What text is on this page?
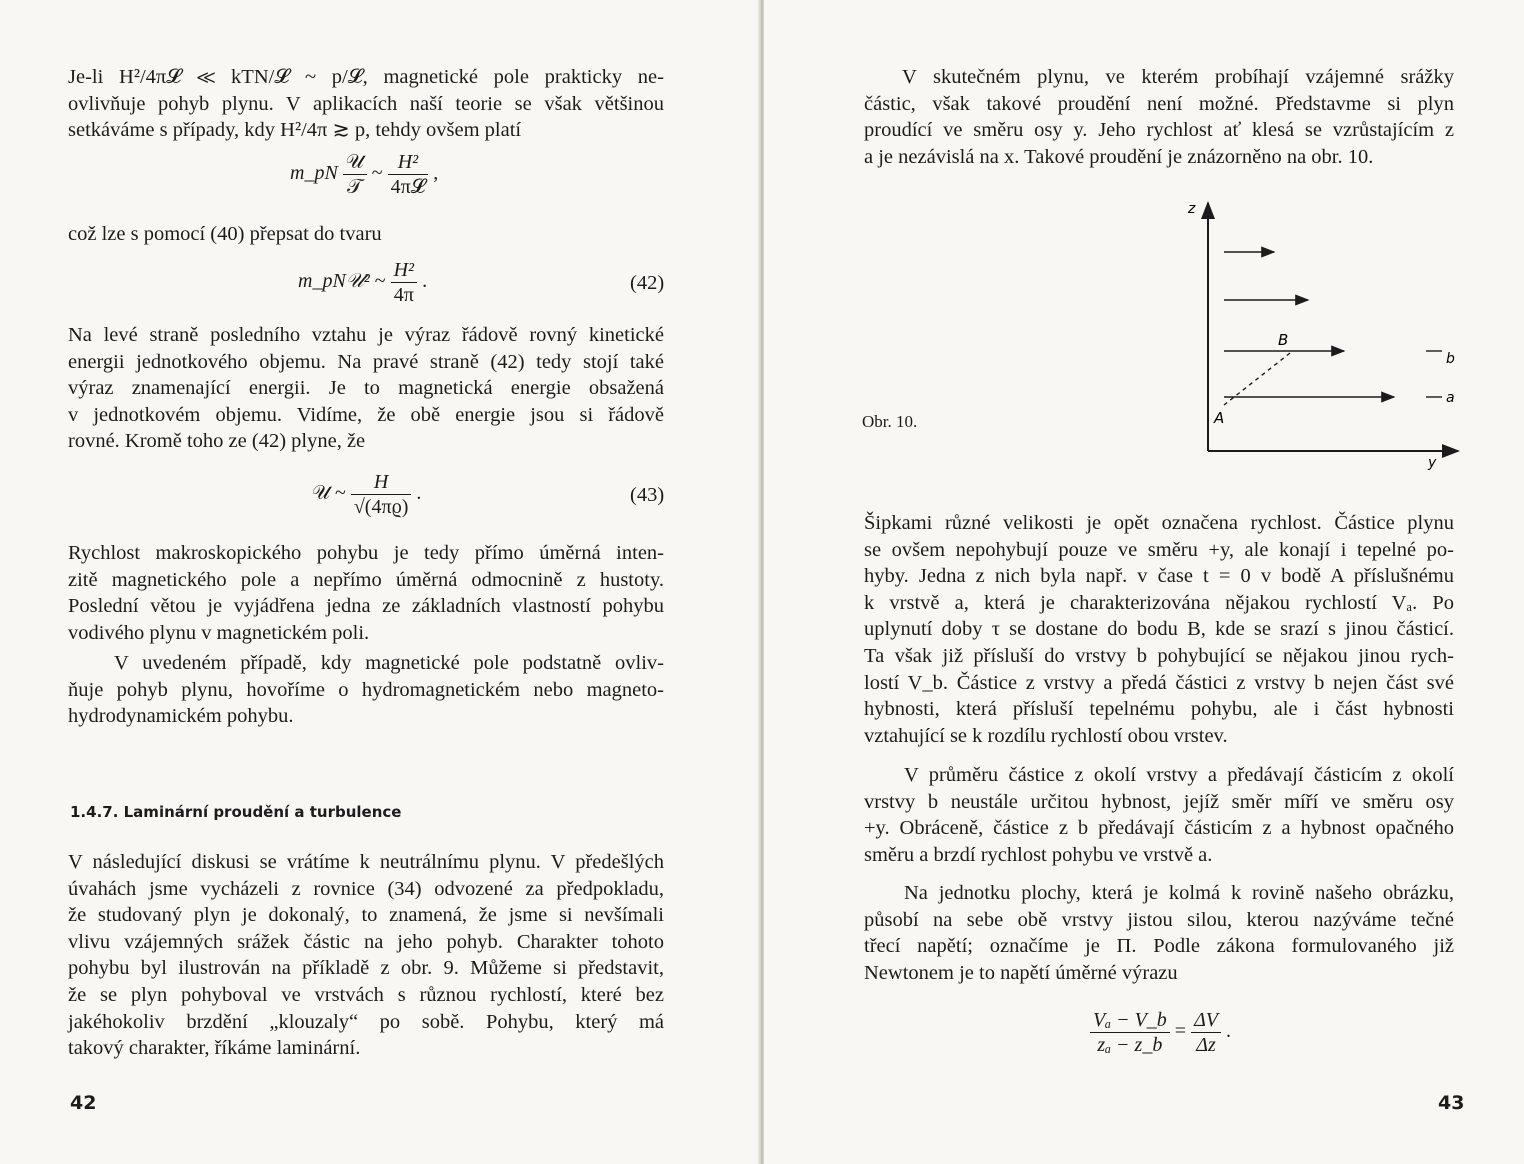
Je-li H²/4π𝓛 ≪ kTN/𝓛 ~ p/𝓛, magnetické pole prakticky ne-
ovlivňuje pohyb plynu. V aplikacích naší teorie se však většinou
setkáváme s případy, kdy H²/4π ≳ p, tehdy ovšem platí
m_pN $\frac{\text{𝒰}}{\text{𝒯}}$ ~ $\frac{\text{H²}}{\text{4π𝓛}}$ ,
což lze s pomocí (40) přepsat do tvaru
m_pN𝒰² ~ $\frac{\text{H²}}{4\pi}$ .	(42)
Na levé straně posledního vztahu je výraz řádově rovný kinetické
energii jednotkového objemu. Na pravé straně (42) tedy stojí také
výraz znamenající energii. Je to magnetická energie obsažená
v jednotkovém objemu. Vidíme, že obě energie jsou si řádově
rovné. Kromě toho ze (42) plyne, že
𝒰 ~ $\frac{H}{√(4\pi ϱ)}$ .	(43)
Rychlost makroskopického pohybu je tedy přímo úměrná inten-
zitě magnetického pole a nepřímo úměrná odmocnině z hustoty.
Poslední větou je vyjádřena jedna ze základních vlastností pohybu
vodivého plynu v magnetickém poli.
V uvedeném případě, kdy magnetické pole podstatně ovliv-
ňuje pohyb plynu, hovoříme o hydromagnetickém nebo magneto-
hydrodynamickém pohybu.
1.4.7. Laminární proudění a turbulence
V následující diskusi se vrátíme k neutrálnímu plynu. V předešlých
úvahách jsme vycházeli z rovnice (34) odvozené za předpokladu,
že studovaný plyn je dokonalý, to znamená, že jsme si nevšímali
vlivu vzájemných srážek částic na jeho pohyb. Charakter tohoto
pohybu byl ilustrován na příkladě z obr. 9. Můžeme si představit,
že se plyn pohyboval ve vrstvách s různou rychlostí, které bez
jakéhokoliv brzdění „klouzaly“ po sobě. Pohybu, který má
takový charakter, říkáme laminární.
42
V skutečném plynu, ve kterém probíhají vzájemné srážky
částic, však takové proudění není možné. Představme si plyn
proudící ve směru osy y. Jeho rychlost ať klesá se vzrůstajícím z
a je nezávislá na x. Takové proudění je znázorněno na obr. 10.
Obr. 10.
z
y
A
B
b
a
Šipkami různé velikosti je opět označena rychlost. Částice plynu
se ovšem nepohybují pouze ve směru +y, ale konají i tepelné po-
hyby. Jedna z nich byla např. v čase t = 0 v bodě A příslušnému
k vrstvě a, která je charakterizována nějakou rychlostí Vₐ. Po
uplynutí doby τ se dostane do bodu B, kde se srazí s jinou částicí.
Ta však již přísluší do vrstvy b pohybující se nějakou jinou rych-
lostí V_b. Částice z vrstvy a předá částici z vrstvy b nejen část své
hybnosti, která přísluší tepelnému pohybu, ale i část hybnosti
vztahující se k rozdílu rychlostí obou vrstev.
V průměru částice z okolí vrstvy a předávají částicím z okolí
vrstvy b neustále určitou hybnost, jejíž směr míří ve směru osy
+y. Obráceně, částice z b předávají částicím z a hybnost opačného
směru a brzdí rychlost pohybu ve vrstvě a.
Na jednotku plochy, která je kolmá k rovině našeho obrázku,
působí na sebe obě vrstvy jistou silou, kterou nazýváme tečné
třecí napětí; označíme je Π. Podle zákona formulovaného již
Newtonem je to napětí úměrné výrazu
$\frac{\text{Vₐ − V\_b}}{\text{zₐ − z\_b}} = \frac{\Delta V}{\Delta z}$ .
43
